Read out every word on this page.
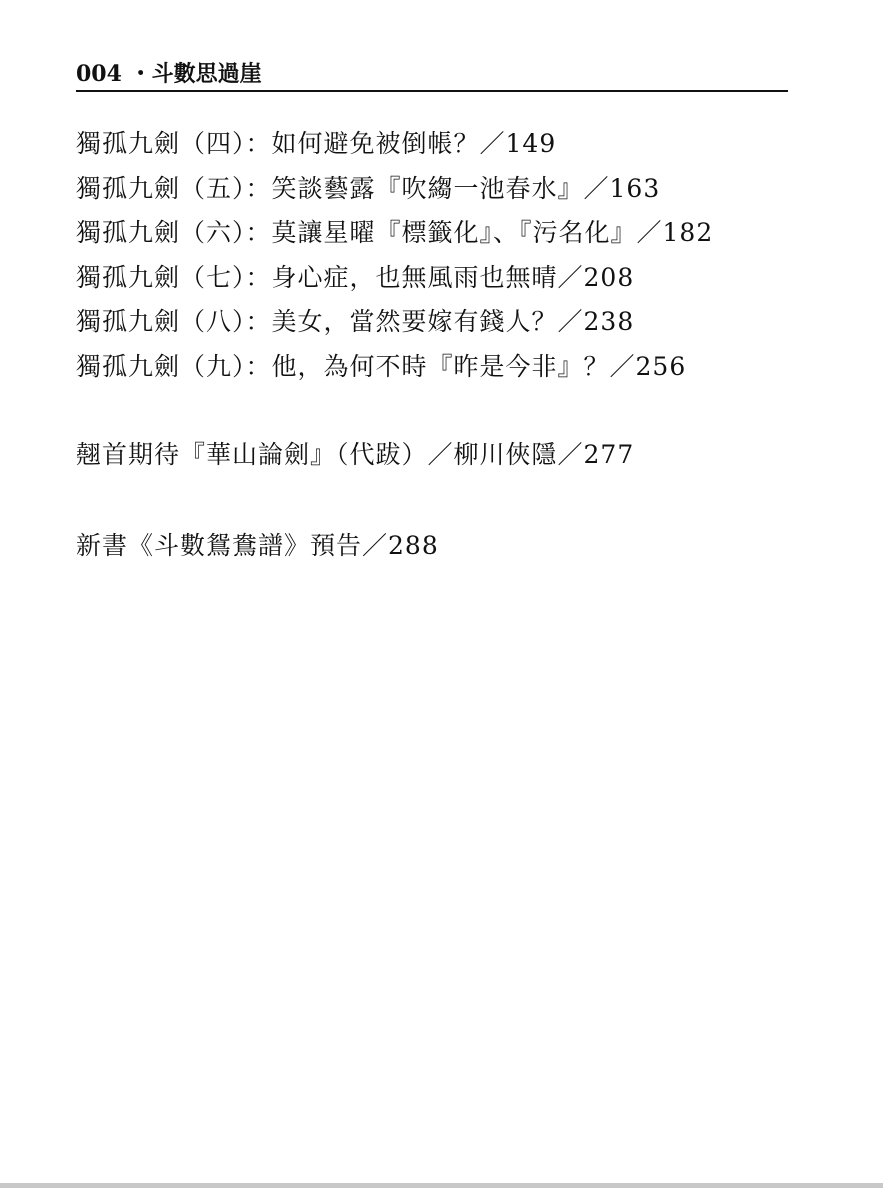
004 ・斗數思過崖
獨孤九劍（四）：如何避免被倒帳？／149
獨孤九劍（五）：笑談藝露『吹縐一池春水』／163
獨孤九劍（六）：莫讓星曜『標籤化』、『污名化』／182
獨孤九劍（七）：身心症，也無風雨也無晴／208
獨孤九劍（八）：美女，當然要嫁有錢人？／238
獨孤九劍（九）：他，為何不時『昨是今非』？／256
翹首期待『華山論劍』（代跋）／柳川俠隱／277
新書《斗數鴛鴦譜》預告／288
